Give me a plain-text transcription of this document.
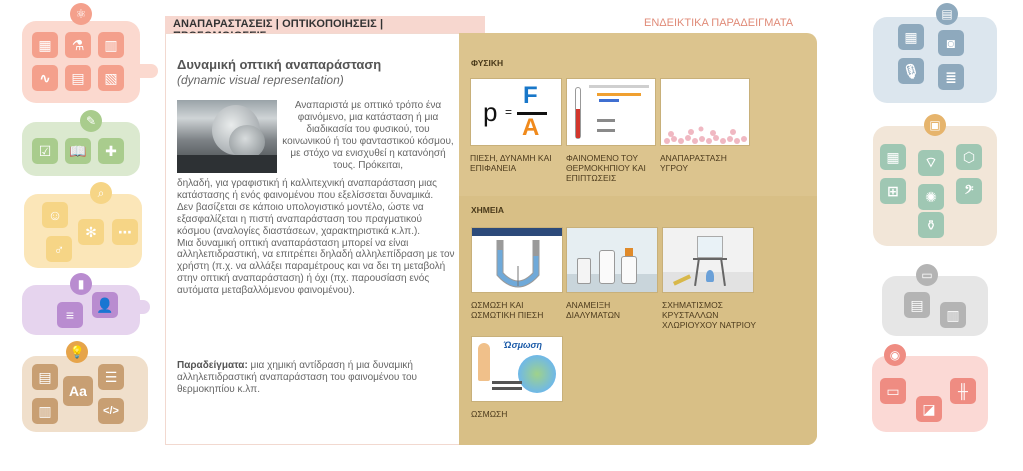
⚛
▦	⚗	▥
∿	▤	▧
✎
☑	📖	✚
⌕
☺
✻	⋯
♂
▮
≡
👤
💡
▤
Aa
☰
▥	</>
ΑΝΑΠΑΡΑΣΤΑΣΕΙΣ | ΟΠΤΙΚΟΠΟΙΗΣΕΙΣ |	ΕΝΔΕΙΚΤΙΚΑ ΠΑΡΑΔΕΙΓΜΑΤΑ
Δυναμική οπτική αναπαράσταση
(dynamic visual representation)
Αναπαριστά με οπτικό τρόπο ένα φαινόμενο, μια κατάσταση ή μια διαδικασία του φυσικού, του κοινωνικού ή του φανταστικού κόσμου, με στόχο να ενισχυθεί η κατανόησή τους. Πρόκειται,
δηλαδή, για γραφιστική ή καλλιτεχνική αναπαράσταση μιας κατάστασης ή ενός φαινομένου που εξελίσσεται δυναμικά.
Δεν βασίζεται σε κάποιο υπολογιστικό μοντέλο, ώστε να εξασφαλίζεται η πιστή αναπαράσταση του πραγματικού κόσμου (αναλογίες διαστάσεων, χαρακτηριστικά κ.λπ.).
Μια δυναμική οπτική αναπαράσταση μπορεί να είναι αλληλεπιδραστική, να επιτρέπει δηλαδή αλληλεπίδραση με τον χρήστη (π.χ. να αλλάξει παραμέτρους και να δει τη μεταβολή στην οπτική αναπαράσταση) ή όχι (πχ. παρουσίαση ενός αυτόματα μεταβαλλόμενου φαινομένου).
Παραδείγματα: μια χημική αντίδραση ή μια δυναμική αλληλεπιδραστική αναπαράσταση του φαινομένου του θερμοκηπίου κ.λπ.
ΦΥΣΙΚΗ
p =
F
A
ΠΙΕΣΗ, ΔΥΝΑΜΗ ΚΑΙ ΕΠΙΦΑΝΕΙΑ
ΦΑΙΝΟΜΕΝΟ ΤΟΥ ΘΕΡΜΟΚΗΠΙΟΥ ΚΑΙ ΕΠΙΠΤΩΣΕΙΣ
ΑΝΑΠΑΡΑΣΤΑΣΗ ΥΓΡΟΥ
ΧΗΜΕΙΑ
ΩΣΜΩΣΗ ΚΑΙ ΩΣΜΩΤΙΚΗ ΠΙΕΣΗ
ΑΝΑΜΕΙΞΗ ΔΙΑΛΥΜΑΤΩΝ
ΣΧΗΜΑΤΙΣΜΟΣ ΚΡΥΣΤΑΛΛΩΝ ΧΛΩΡΙΟΥΧΟΥ ΝΑΤΡΙΟΥ
Ώσμωση
ΩΣΜΩΣΗ
▤
▦	◙
🎙	≣
▣
▦	⌔	⬡
⊞	✺	𝄢
⚱
▭
▤
▥
◉
▭
◪
╫
